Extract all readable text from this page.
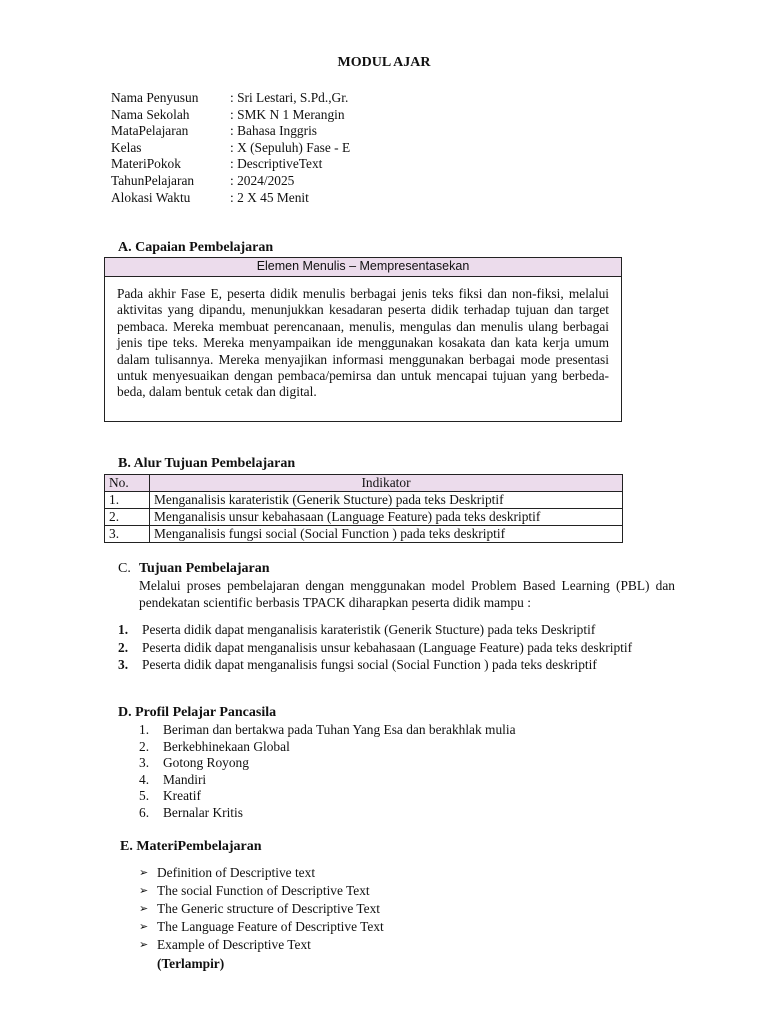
MODUL AJAR
Nama Penyusun	: Sri Lestari, S.Pd.,Gr.
Nama Sekolah	: SMK N 1 Merangin
MataPelajaran	: Bahasa Inggris
Kelas	: X (Sepuluh) Fase - E
MateriPokok	: DescriptiveText
TahunPelajaran	: 2024/2025
Alokasi Waktu	: 2 X 45 Menit
A. Capaian Pembelajaran
Elemen Menulis – Mempresentasekan
Pada akhir Fase E, peserta didik menulis berbagai jenis teks fiksi dan non-fiksi, melalui aktivitas yang dipandu, menunjukkan kesadaran peserta didik terhadap tujuan dan target pembaca. Mereka membuat perencanaan, menulis, mengulas dan menulis ulang berbagai jenis tipe teks. Mereka menyampaikan ide menggunakan kosakata dan kata kerja umum dalam tulisannya. Mereka menyajikan informasi menggunakan berbagai mode presentasi untuk menyesuaikan dengan pembaca/pemirsa dan untuk mencapai tujuan yang berbeda-beda, dalam bentuk cetak dan digital.
B. Alur Tujuan Pembelajaran
No.	Indikator
1.	Menganalisis karateristik (Generik Stucture) pada teks Deskriptif
2.	Menganalisis unsur kebahasaan (Language Feature) pada teks deskriptif
3.	Menganalisis fungsi social (Social Function ) pada teks deskriptif
C. Tujuan Pembelajaran
Melalui proses pembelajaran dengan menggunakan model Problem Based Learning (PBL) dan pendekatan scientific berbasis TPACK diharapkan peserta didik mampu :
1.	Peserta didik dapat menganalisis karateristik (Generik Stucture) pada teks Deskriptif
2.	Peserta didik dapat menganalisis unsur kebahasaan (Language Feature) pada teks deskriptif
3.	Peserta didik dapat menganalisis fungsi social (Social Function ) pada teks deskriptif
D. Profil Pelajar Pancasila
1.	Beriman dan bertakwa pada Tuhan Yang Esa dan berakhlak mulia
2.	Berkebhinekaan Global
3.	Gotong Royong
4.	Mandiri
5.	Kreatif
6.	Bernalar Kritis
E. MateriPembelajaran
➢ Definition of Descriptive text
➢ The social Function of Descriptive Text
➢ The Generic structure of Descriptive Text
➢ The Language Feature of Descriptive Text
➢ Example of Descriptive Text
(Terlampir)
